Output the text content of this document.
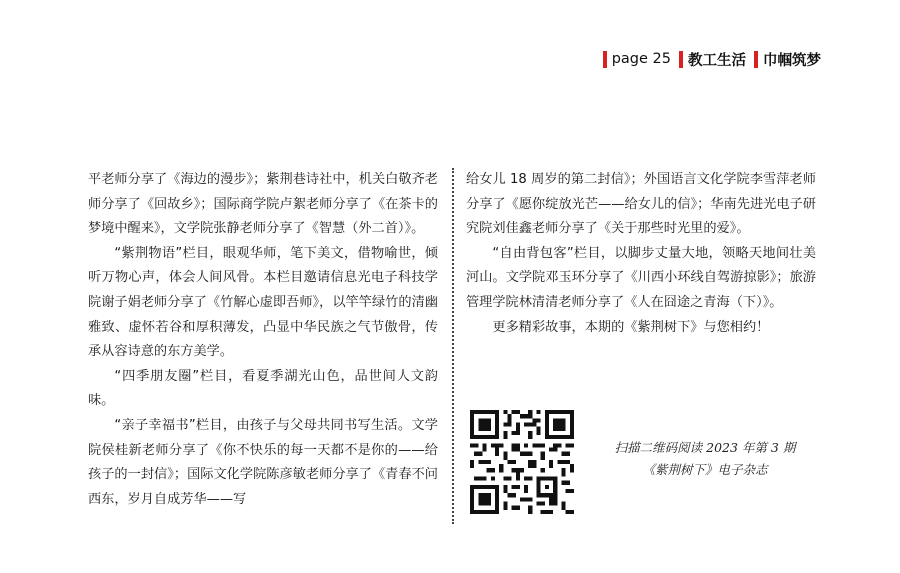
page 25 教工生活 巾帼筑梦

平老师分享了《海边的漫步》；紫荆巷诗社中，机关白敬齐老师分享了《回故乡》；国际商学院卢絮老师分享了《在茶卡的梦境中醒来》，文学院张静老师分享了《智慧（外二首）》。

“紫荆物语”栏目，眼观华师，笔下美文，借物喻世，倾听万物心声，体会人间风骨。本栏目邀请信息光电子科技学院谢子娟老师分享了《竹解心虚即吾师》，以竿竿绿竹的清幽雅致、虚怀若谷和厚积薄发，凸显中华民族之气节傲骨，传承从容诗意的东方美学。

“四季朋友圈”栏目，看夏季湖光山色，品世间人文韵味。

“亲子幸福书”栏目，由孩子与父母共同书写生活。文学院侯桂新老师分享了《你不快乐的每一天都不是你的——给孩子的一封信》；国际文化学院陈彦敏老师分享了《青春不问西东，岁月自成芳华——写

给女儿 18 周岁的第二封信》；外国语言文化学院李雪萍老师分享了《愿你绽放光芒——给女儿的信》；华南先进光电子研究院刘佳鑫老师分享了《关于那些时光里的爱》。

“自由背包客”栏目，以脚步丈量大地，领略天地间壮美河山。文学院邓玉环分享了《川西小环线自驾游掠影》；旅游管理学院林清清老师分享了《人在囧途之青海（下）》。

更多精彩故事，本期的《紫荆树下》与您相约！

扫描二维码阅读 2023 年第 3 期
《紫荆树下》电子杂志
